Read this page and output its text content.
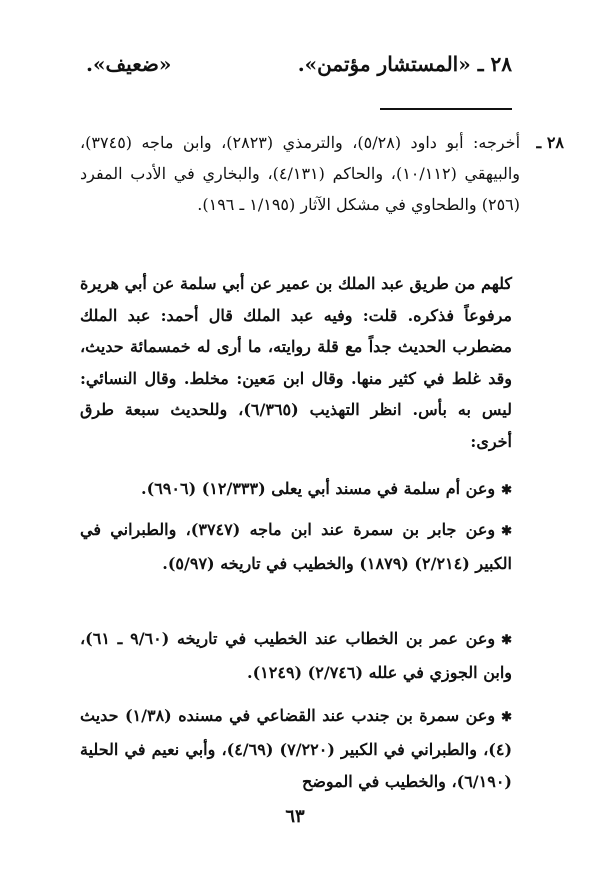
٢٨ ـ «المستشار مؤتمن».
«ضعيف».
٢٨ ـ
أخرجه: أبو داود (٥/٢٨)، والترمذي (٢٨٢٣)، وابن ماجه (٣٧٤٥)، والبيهقي (١٠/١١٢)، والحاكم (٤/١٣١)، والبخاري في الأدب المفرد (٢٥٦) والطحاوي في مشكل الآثار (١/١٩٥ ـ ١٩٦).

كلهم من طريق عبد الملك بن عمير عن أبي سلمة عن أبي هريرة مرفوعاً فذكره. قلت: وفيه عبد الملك قال أحمد: عبد الملك مضطرب الحديث جداً مع قلة روايته، ما أرى له خمسمائة حديث، وقد غلط في كثير منها. وقال ابن مَعين: مخلط. وقال النسائي: ليس به بأس. انظر التهذيب (٦/٣٦٥)، وللحديث سبعة طرق أخرى:

✱وعن أم سلمة في مسند أبي يعلى (١٢/٣٣٣) (٦٩٠٦).
✱وعن جابر بن سمرة عند ابن ماجه (٣٧٤٧)، والطبراني في الكبير (٢/٢١٤) (١٨٧٩) والخطيب في تاريخه (٥/٩٧).
✱وعن عمر بن الخطاب عند الخطيب في تاريخه (٩/٦٠ ـ ٦١)، وابن الجوزي في علله (٢/٧٤٦) (١٢٤٩).
✱وعن سمرة بن جندب عند القضاعي في مسنده (١/٣٨) حديث (٤)، والطبراني في الكبير (٧/٢٢٠) (٤/٦٩)، وأبي نعيم في الحلية (٦/١٩٠)، والخطيب في الموضح
٦٣
